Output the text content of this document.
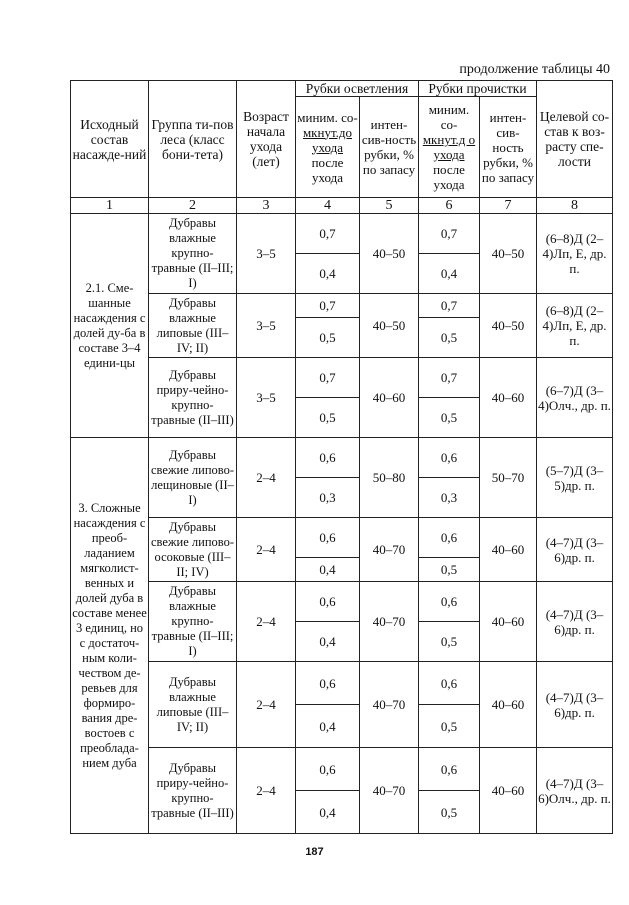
продолжение таблицы 40
Исходный состав насажде-ний	Группа ти-пов леса (класс бони-тета)	Возраст начала ухода (лет)	Рубки осветления		Рубки прочистки		Целевой со-став к воз-расту спе-лости
			миним. со-
мкнут.до ухода
после ухода	интен-сив-ность рубки, % по запасу	миним. со-
мкнут.д о ухода
после ухода	интен-сив-ность рубки, % по запасу	
1	2	3	4	5	6	7	8
2.1. Сме-шанные насаждения с долей ду-ба в составе 3–4 едини-цы	Дубравы влажные крупно-травные (II–III; I)	3–5	0,7	40–50	0,7	40–50	(6–8)Д (2–4)Лп, Е, др. п.
			0,4		0,4		
	Дубравы влажные липовые (III–IV; II)	3–5	0,7	40–50	0,7	40–50	(6–8)Д (2–4)Лп, Е, др. п.
			0,5		0,5		
	Дубравы приру-чейно-крупно-травные (II–III)	3–5	0,7	40–60	0,7	40–60	(6–7)Д (3–4)Олч., др. п.
			0,5		0,5		
3. Сложные насаждения с преоб-ладанием мягколист-венных и долей дуба в составе менее 3 единиц, но с достаточ-ным коли-чеством де-ревьев для формиро-вания дре-востоев с преоблада-нием дуба	Дубравы свежие липово-лещиновые (II–I)	2–4	0,6	50–80	0,6	50–70	(5–7)Д (3–5)др. п.
			0,3		0,3		
	Дубравы свежие липово-осоковые (III–II; IV)	2–4	0,6	40–70	0,6	40–60	(4–7)Д (3–6)др. п.
			0,4		0,5		
	Дубравы влажные крупно-травные (II–III; I)	2–4	0,6	40–70	0,6	40–60	(4–7)Д (3–6)др. п.
			0,4		0,5		
	Дубравы влажные липовые (III–IV; II)	2–4	0,6	40–70	0,6	40–60	(4–7)Д (3–6)др. п.
			0,4		0,5		
	Дубравы приру-чейно-крупно-травные (II–III)	2–4	0,6	40–70	0,6	40–60	(4–7)Д (3–6)Олч., др. п.
			0,4		0,5		
187
